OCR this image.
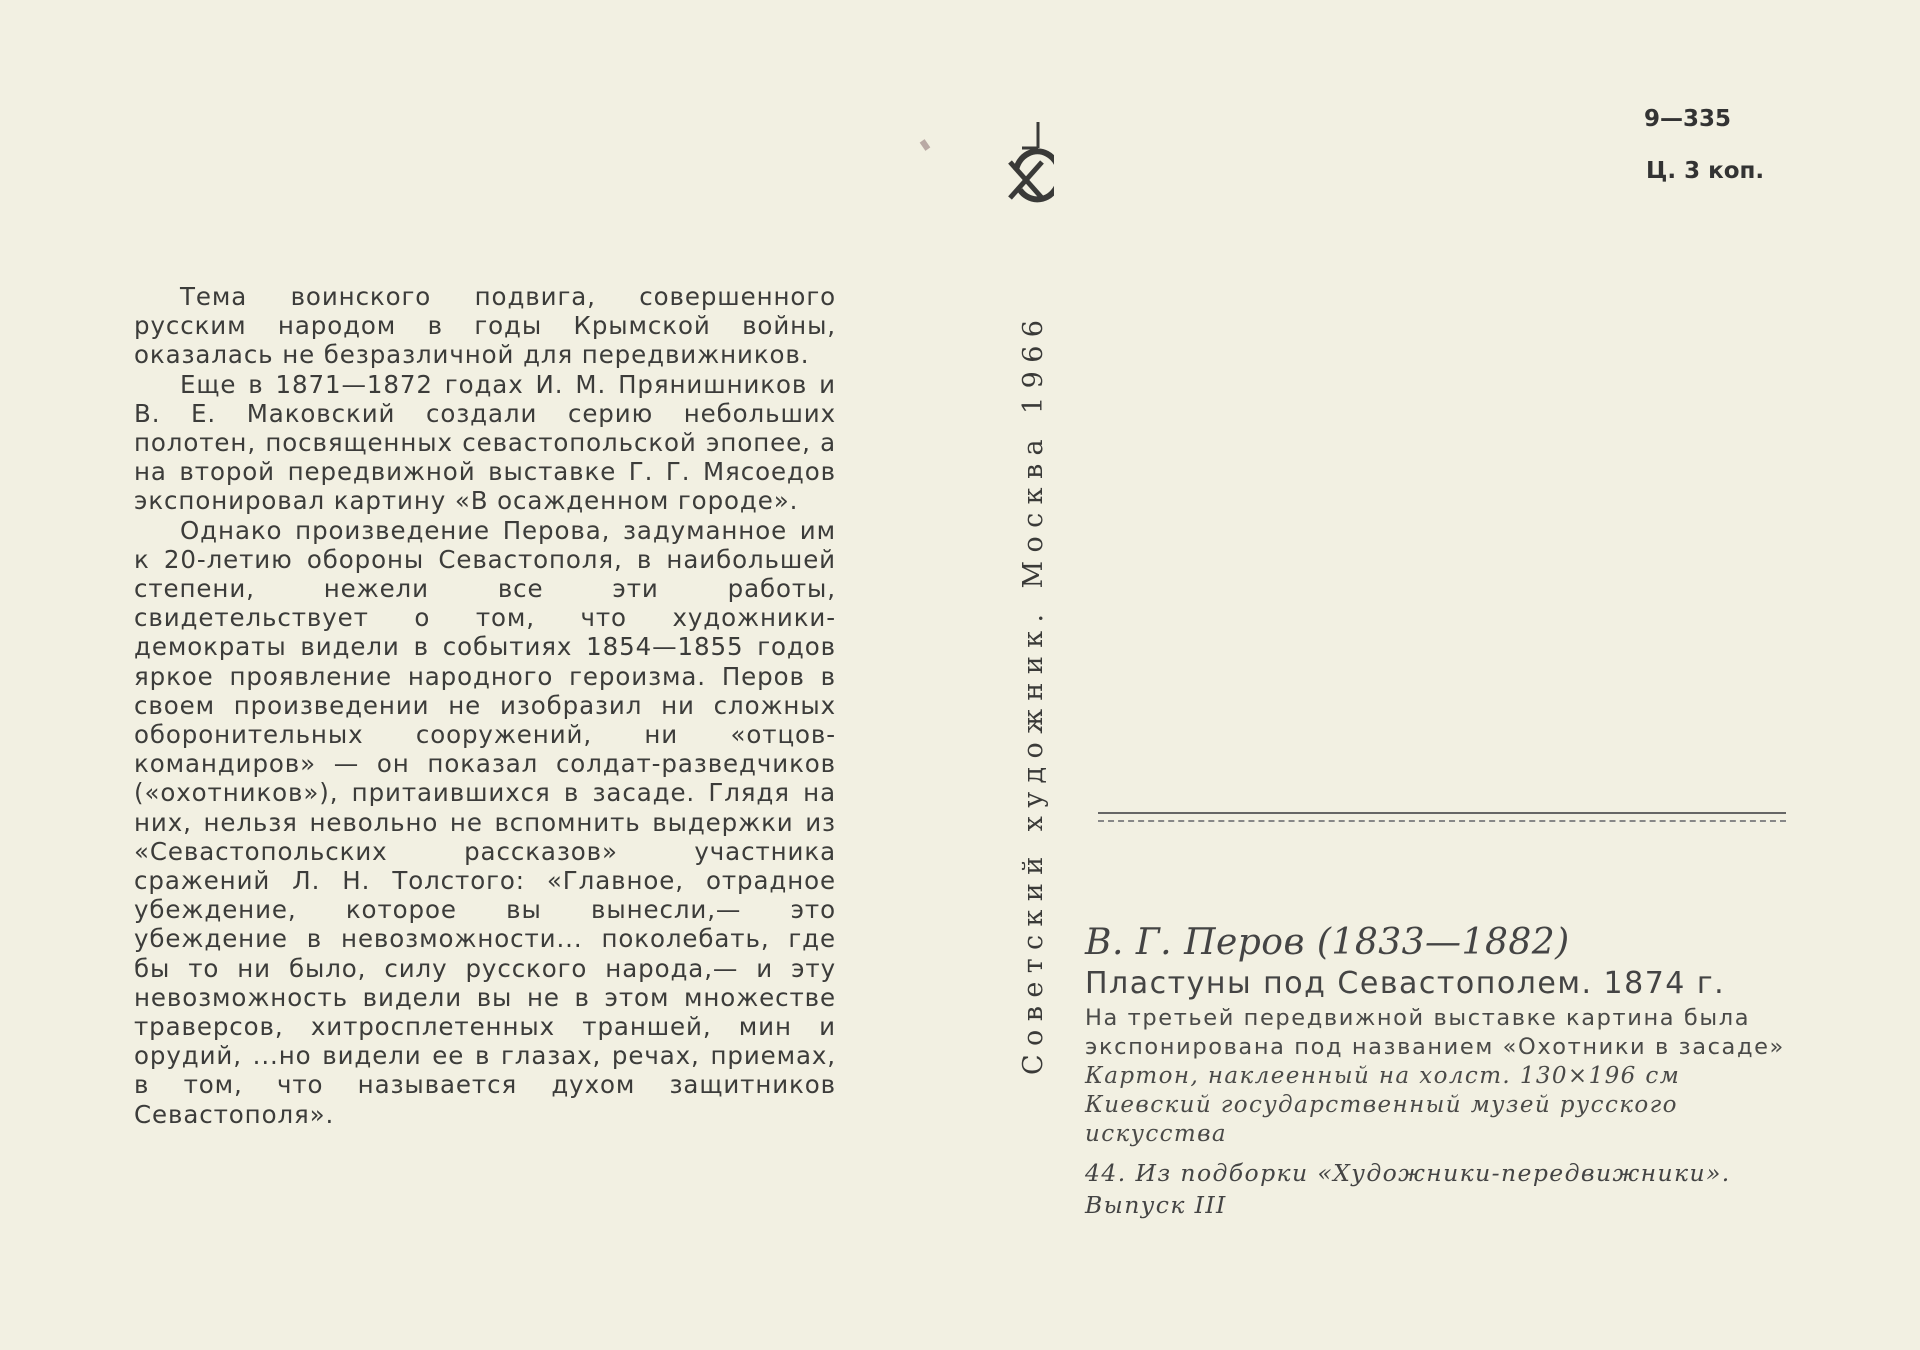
Тема воинского подвига, совершенного русским народом в годы Крымской войны, оказалась не безразличной для передвижников.

Еще в 1871—1872 годах И. М. Прянишников и В. Е. Маковский создали серию небольших полотен, посвященных севастопольской эпопее, а на второй передвижной выставке Г. Г. Мясоедов экспонировал картину «В осажденном городе».

Однако произведение Перова, задуманное им к 20-летию обороны Севастополя, в наибольшей степени, нежели все эти работы, свидетельствует о том, что художники-демократы видели в событиях 1854—1855 годов яркое проявление народного героизма. Перов в своем произведении не изобразил ни сложных оборонительных сооружений, ни «отцов-командиров» — он показал солдат-разведчиков («охотников»), притаившихся в засаде. Глядя на них, нельзя невольно не вспомнить выдержки из «Севастопольских рассказов» участника сражений Л. Н. Толстого: «Главное, отрадное убеждение, которое вы вынесли,— это убеждение в невозможности... поколебать, где бы то ни было, силу русского народа,— и эту невозможность видели вы не в этом множестве траверсов, хитросплетенных траншей, мин и орудий, ...но видели ее в глазах, речах, приемах, в том, что называется духом защитников Севастополя».

Советский художник. Москва 1966
9—335
Ц. 3 коп.
В. Г. Перов (1833—1882)
Пластуны под Севастополем. 1874 г.
На третьей передвижной выставке картина была экспонирована под названием «Охотники в засаде»
Картон, наклеенный на холст. 130×196 см
Киевский государственный музей русского искусства
44. Из подборки «Художники-передвижники». Выпуск III
